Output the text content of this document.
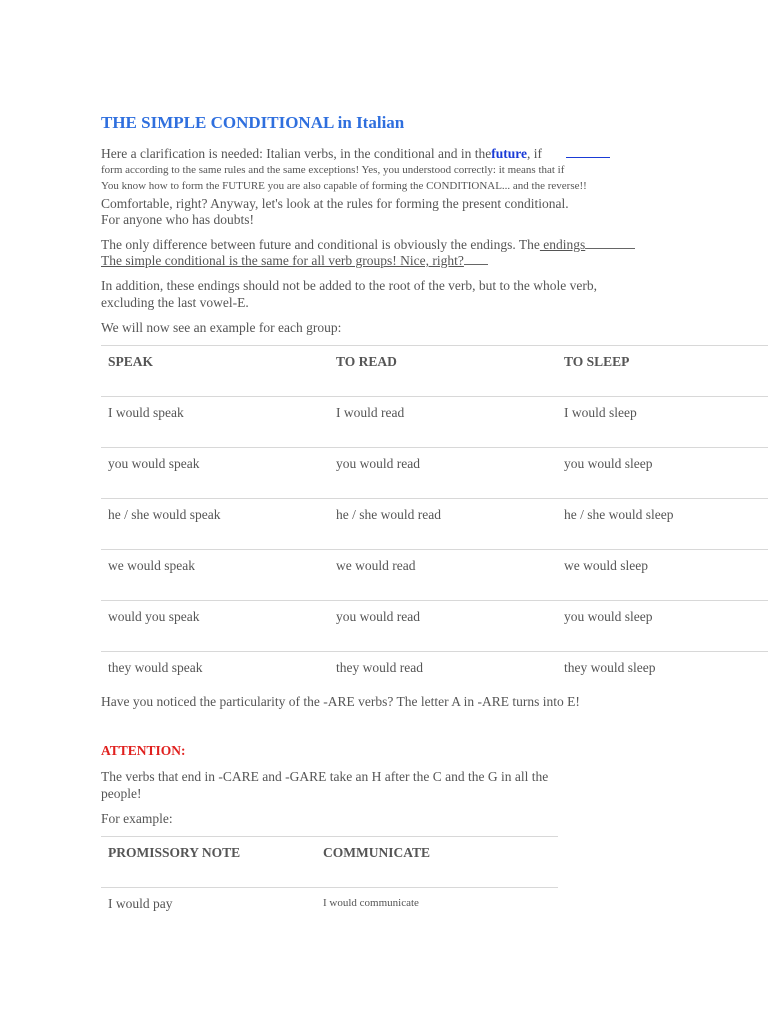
THE SIMPLE CONDITIONAL in Italian
Here a clarification is needed: Italian verbs, in the conditional and in thefuture, if
form according to the same rules and the same exceptions! Yes, you understood correctly: it means that if
You know how to form the FUTURE you are also capable of forming the CONDITIONAL... and the reverse!!
Comfortable, right? Anyway, let's look at the rules for forming the present conditional.
For anyone who has doubts!
The only difference between future and conditional is obviously the endings. The endings
The simple conditional is the same for all verb groups! Nice, right?
In addition, these endings should not be added to the root of the verb, but to the whole verb,
excluding the last vowel-E.
We will now see an example for each group:
SPEAK	TO READ	TO SLEEP
I would speak	I would read	I would sleep
you would speak	you would read	you would sleep
he / she would speak	he / she would read	he / she would sleep
we would speak	we would read	we would sleep
would you speak	you would read	you would sleep
they would speak	they would read	they would sleep
Have you noticed the particularity of the -ARE verbs? The letter A in -ARE turns into E!
ATTENTION:
The verbs that end in -CARE and -GARE take an H after the C and the G in all the
people!
For example:
PROMISSORY NOTE	COMMUNICATE
I would pay	I would communicate
